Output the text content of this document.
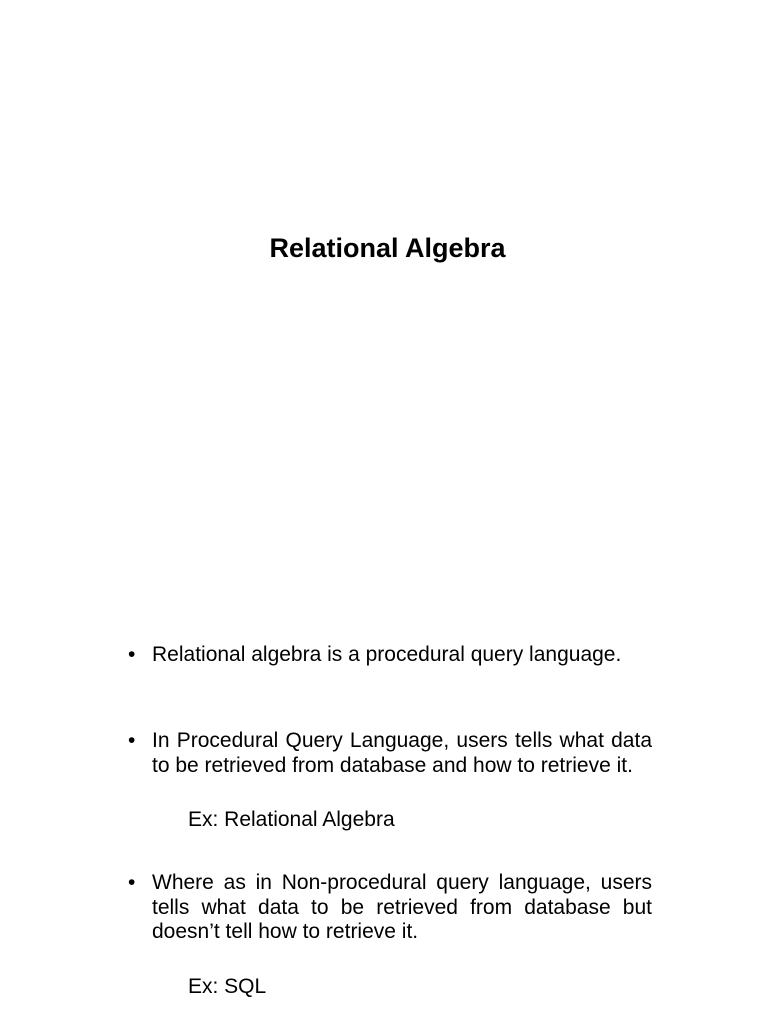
Relational Algebra
• Relational algebra is a procedural query language.
• In Procedural Query Language, users tells what data to be retrieved from database and how to retrieve it.
Ex: Relational Algebra
• Where as in Non-procedural query language, users tells what data to be retrieved from database but doesn’t tell how to retrieve it.
Ex: SQL
